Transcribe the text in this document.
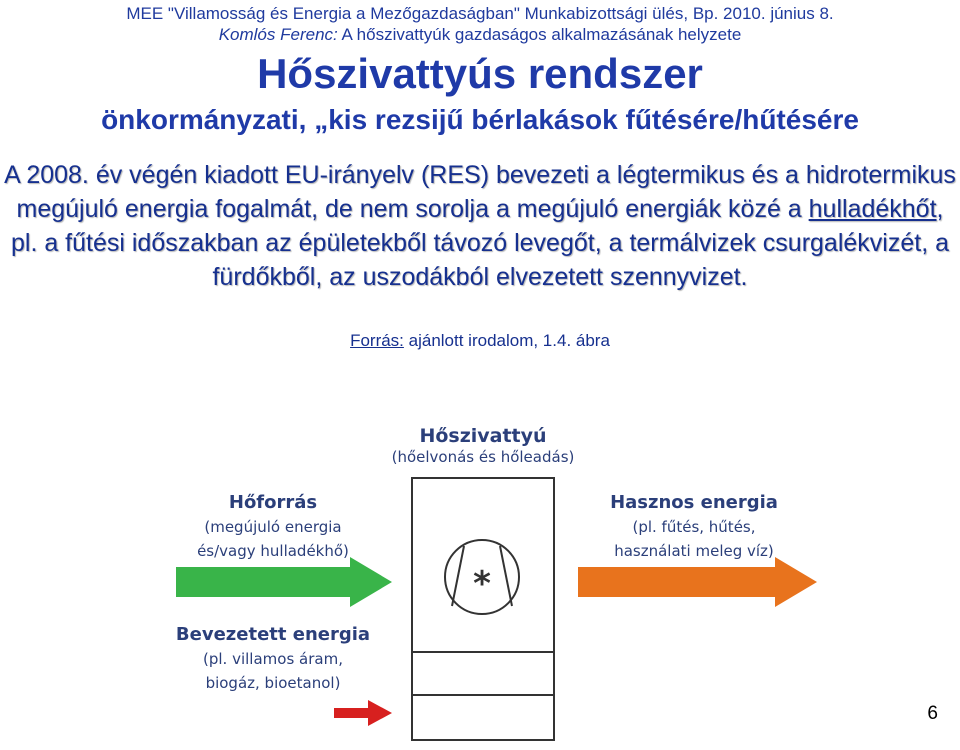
MEE "Villamosság és Energia a Mezőgazdaságban" Munkabizottsági ülés, Bp. 2010. június 8.
Komlós Ferenc: A hőszivattyúk gazdaságos alkalmazásának helyzete
Hőszivattyús rendszer
önkormányzati, „kis rezsijű bérlakások fűtésére/hűtésére
A 2008. év végén kiadott EU-irányelv (RES) bevezeti a légtermikus és a hidrotermikus megújuló energia fogalmát, de nem sorolja a megújuló energiák közé a hulladékhőt, pl. a fűtési időszakban az épületekből távozó levegőt, a termálvizek csurgalékvizét, a fürdőkből, az uszodákból elvezetett szennyvizet.
Forrás: ajánlott irodalom, 1.4. ábra
Hőszivattyú
(hőelvonás és hőleadás)
*
Hőforrás
(megújuló energia
és/vagy hulladékhő)
Hasznos energia
(pl. fűtés, hűtés,
használati meleg víz)
Bevezetett energia
(pl. villamos áram,
biogáz, bioetanol)
6
